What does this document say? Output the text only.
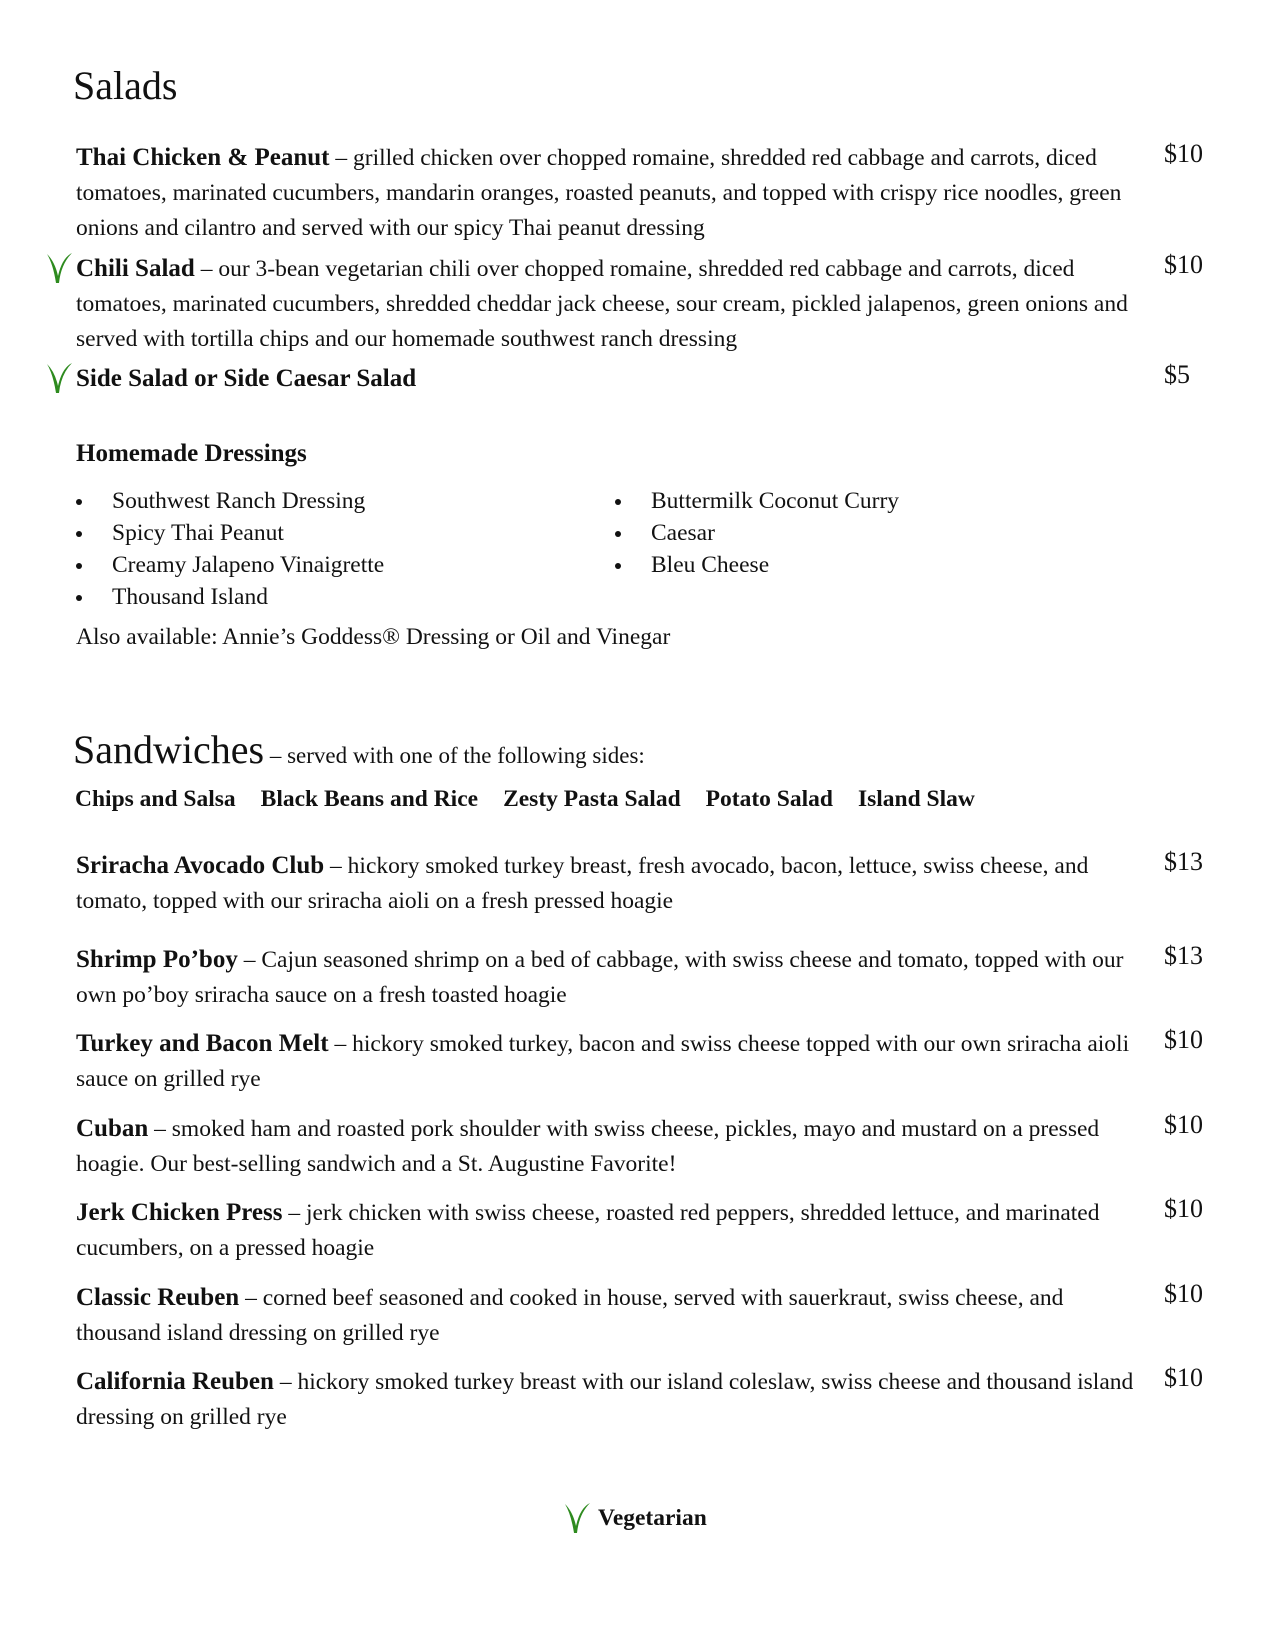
Salads
Thai Chicken & Peanut – grilled chicken over chopped romaine, shredded red cabbage and carrots, diced tomatoes, marinated cucumbers, mandarin oranges, roasted peanuts, and topped with crispy rice noodles, green onions and cilantro and served with our spicy Thai peanut dressing
$10
Chili Salad – our 3-bean vegetarian chili over chopped romaine, shredded red cabbage and carrots, diced tomatoes, marinated cucumbers, shredded cheddar jack cheese, sour cream, pickled jalapenos, green onions and served with tortilla chips and our homemade southwest ranch dressing
$10
Side Salad or Side Caesar Salad	$5
Homemade Dressings
Southwest Ranch Dressing
Spicy Thai Peanut
Creamy Jalapeno Vinaigrette
Thousand Island
Buttermilk Coconut Curry
Caesar
Bleu Cheese
Also available: Annie’s Goddess® Dressing or Oil and Vinegar
Sandwiches – served with one of the following sides:
Chips and Salsa Black Beans and Rice Zesty Pasta Salad Potato Salad Island Slaw
Sriracha Avocado Club – hickory smoked turkey breast, fresh avocado, bacon, lettuce, swiss cheese, and tomato, topped with our sriracha aioli on a fresh pressed hoagie
$13
Shrimp Po’boy – Cajun seasoned shrimp on a bed of cabbage, with swiss cheese and tomato, topped with our own po’boy sriracha sauce on a fresh toasted hoagie
$13
Turkey and Bacon Melt – hickory smoked turkey, bacon and swiss cheese topped with our own sriracha aioli sauce on grilled rye
$10
Cuban – smoked ham and roasted pork shoulder with swiss cheese, pickles, mayo and mustard on a pressed hoagie. Our best-selling sandwich and a St. Augustine Favorite!
$10
Jerk Chicken Press – jerk chicken with swiss cheese, roasted red peppers, shredded lettuce, and marinated cucumbers, on a pressed hoagie
$10
Classic Reuben – corned beef seasoned and cooked in house, served with sauerkraut, swiss cheese, and thousand island dressing on grilled rye
$10
California Reuben – hickory smoked turkey breast with our island coleslaw, swiss cheese and thousand island dressing on grilled rye
$10
Vegetarian
